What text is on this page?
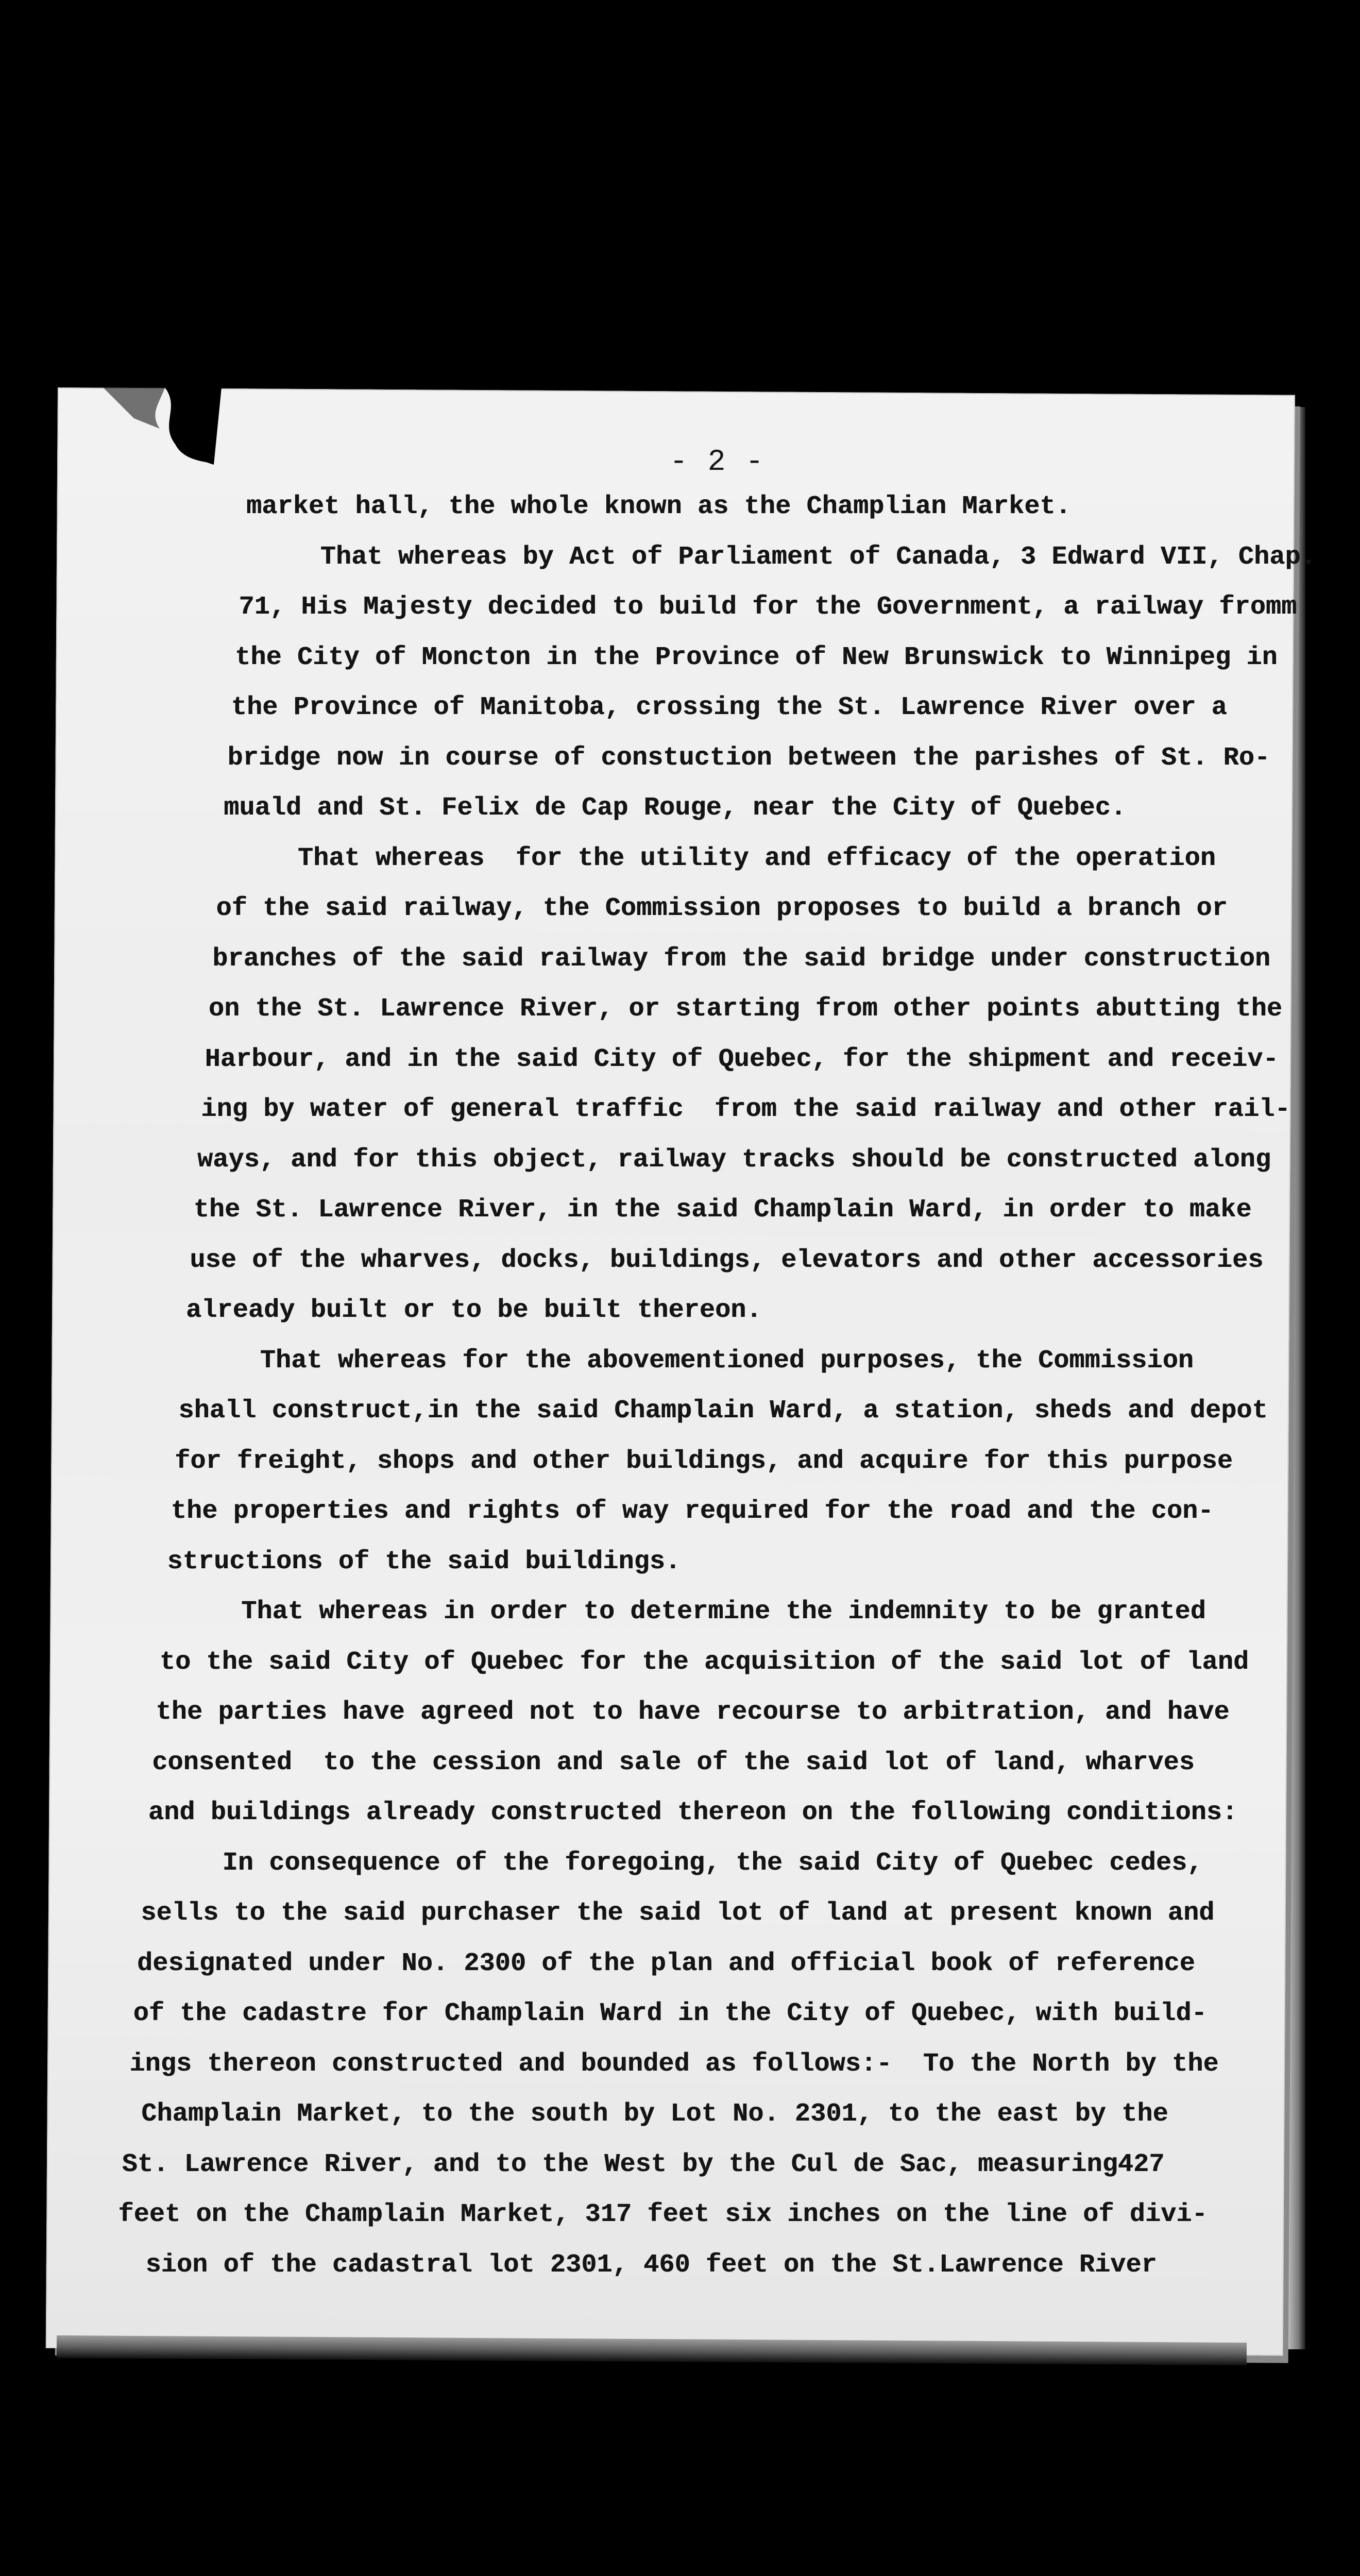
- 2 -
market hall, the whole known as the Champlian Market.
That whereas by Act of Parliament of Canada, 3 Edward VII, Chap.
71, His Majesty decided to build for the Government, a railway fromm
the City of Moncton in the Province of New Brunswick to Winnipeg in
the Province of Manitoba, crossing the St. Lawrence River over a
bridge now in course of constuction between the parishes of St. Ro-
muald and St. Felix de Cap Rouge, near the City of Quebec.
That whereas  for the utility and efficacy of the operation
of the said railway, the Commission proposes to build a branch or
branches of the said railway from the said bridge under construction
on the St. Lawrence River, or starting from other points abutting the
Harbour, and in the said City of Quebec, for the shipment and receiv-
ing by water of general traffic  from the said railway and other rail-
ways, and for this object, railway tracks should be constructed along
the St. Lawrence River, in the said Champlain Ward, in order to make
use of the wharves, docks, buildings, elevators and other accessories
already built or to be built thereon.
That whereas for the abovementioned purposes, the Commission
shall construct,in the said Champlain Ward, a station, sheds and depot
for freight, shops and other buildings, and acquire for this purpose
the properties and rights of way required for the road and the con-
structions of the said buildings.
That whereas in order to determine the indemnity to be granted
to the said City of Quebec for the acquisition of the said lot of land
the parties have agreed not to have recourse to arbitration, and have
consented  to the cession and sale of the said lot of land, wharves
and buildings already constructed thereon on the following conditions:
In consequence of the foregoing, the said City of Quebec cedes,
sells to the said purchaser the said lot of land at present known and
designated under No. 2300 of the plan and official book of reference
of the cadastre for Champlain Ward in the City of Quebec, with build-
ings thereon constructed and bounded as follows:-  To the North by the
Champlain Market, to the south by Lot No. 2301, to the east by the
St. Lawrence River, and to the West by the Cul de Sac, measuring427
feet on the Champlain Market, 317 feet six inches on the line of divi-
sion of the cadastral lot 2301, 460 feet on the St.Lawrence River
